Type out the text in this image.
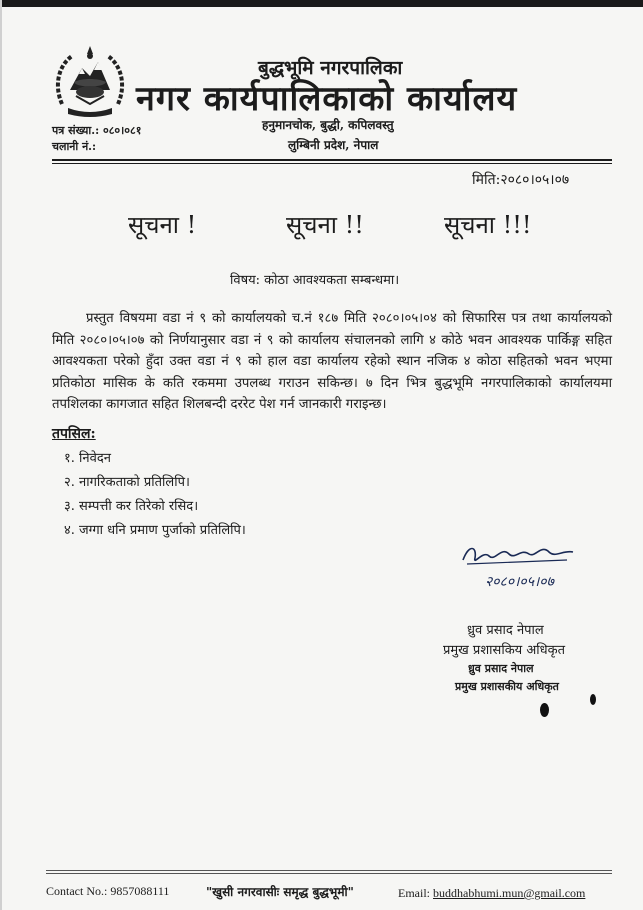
बुद्धभूमि नगरपालिका
नगर कार्यपालिकाको कार्यालय
हनुमानचोक, बुद्धी, कपिलवस्तु
लुम्बिनी प्रदेश, नेपाल
पत्र संख्या.: ०८०।०८१
चलानी नं.:
मिति:२०८०।०५।०७
सूचना !	सूचना !!	सूचना !!!
विषय: कोठा आवश्यकता सम्बन्धमा।

प्रस्तुत विषयमा वडा नं ९ को कार्यालयको च.नं १८७ मिति २०८०।०५।०४ को सिफारिस पत्र तथा कार्यालयको मिति २०८०।०५।०७ को निर्णयानुसार वडा नं ९ को कार्यालय संचालनको लागि ४ कोठे भवन आवश्यक पार्किङ्ग सहित आवश्यकता परेको हुँदा उक्त वडा नं ९ को हाल वडा कार्यालय रहेको स्थान नजिक ४ कोठा सहितको भवन भएमा प्रतिकोठा मासिक के कति रकममा उपलब्ध गराउन सकिन्छ। ७ दिन भित्र बुद्धभूमि नगरपालिकाको कार्यालयमा तपशिलका कागजात सहित शिलबन्दी दररेट पेश गर्न जानकारी गराइन्छ।

तपसिल:
१. निवेदन
२. नागरिकताको प्रतिलिपि।
३. सम्पत्ती कर तिरेको रसिद।
४. जग्गा धनि प्रमाण पुर्जाको प्रतिलिपि।
२०८०।०५।०७
ध्रुव प्रसाद नेपाल
प्रमुख प्रशासकिय अधिकृत
ध्रुव प्रसाद नेपाल
प्रमुख प्रशासकीय अधिकृत
Contact No.: 9857088111	"खुसी नगरवासीः समृद्ध बुद्धभूमी"	Email: buddhabhumi.mun@gmail.com
